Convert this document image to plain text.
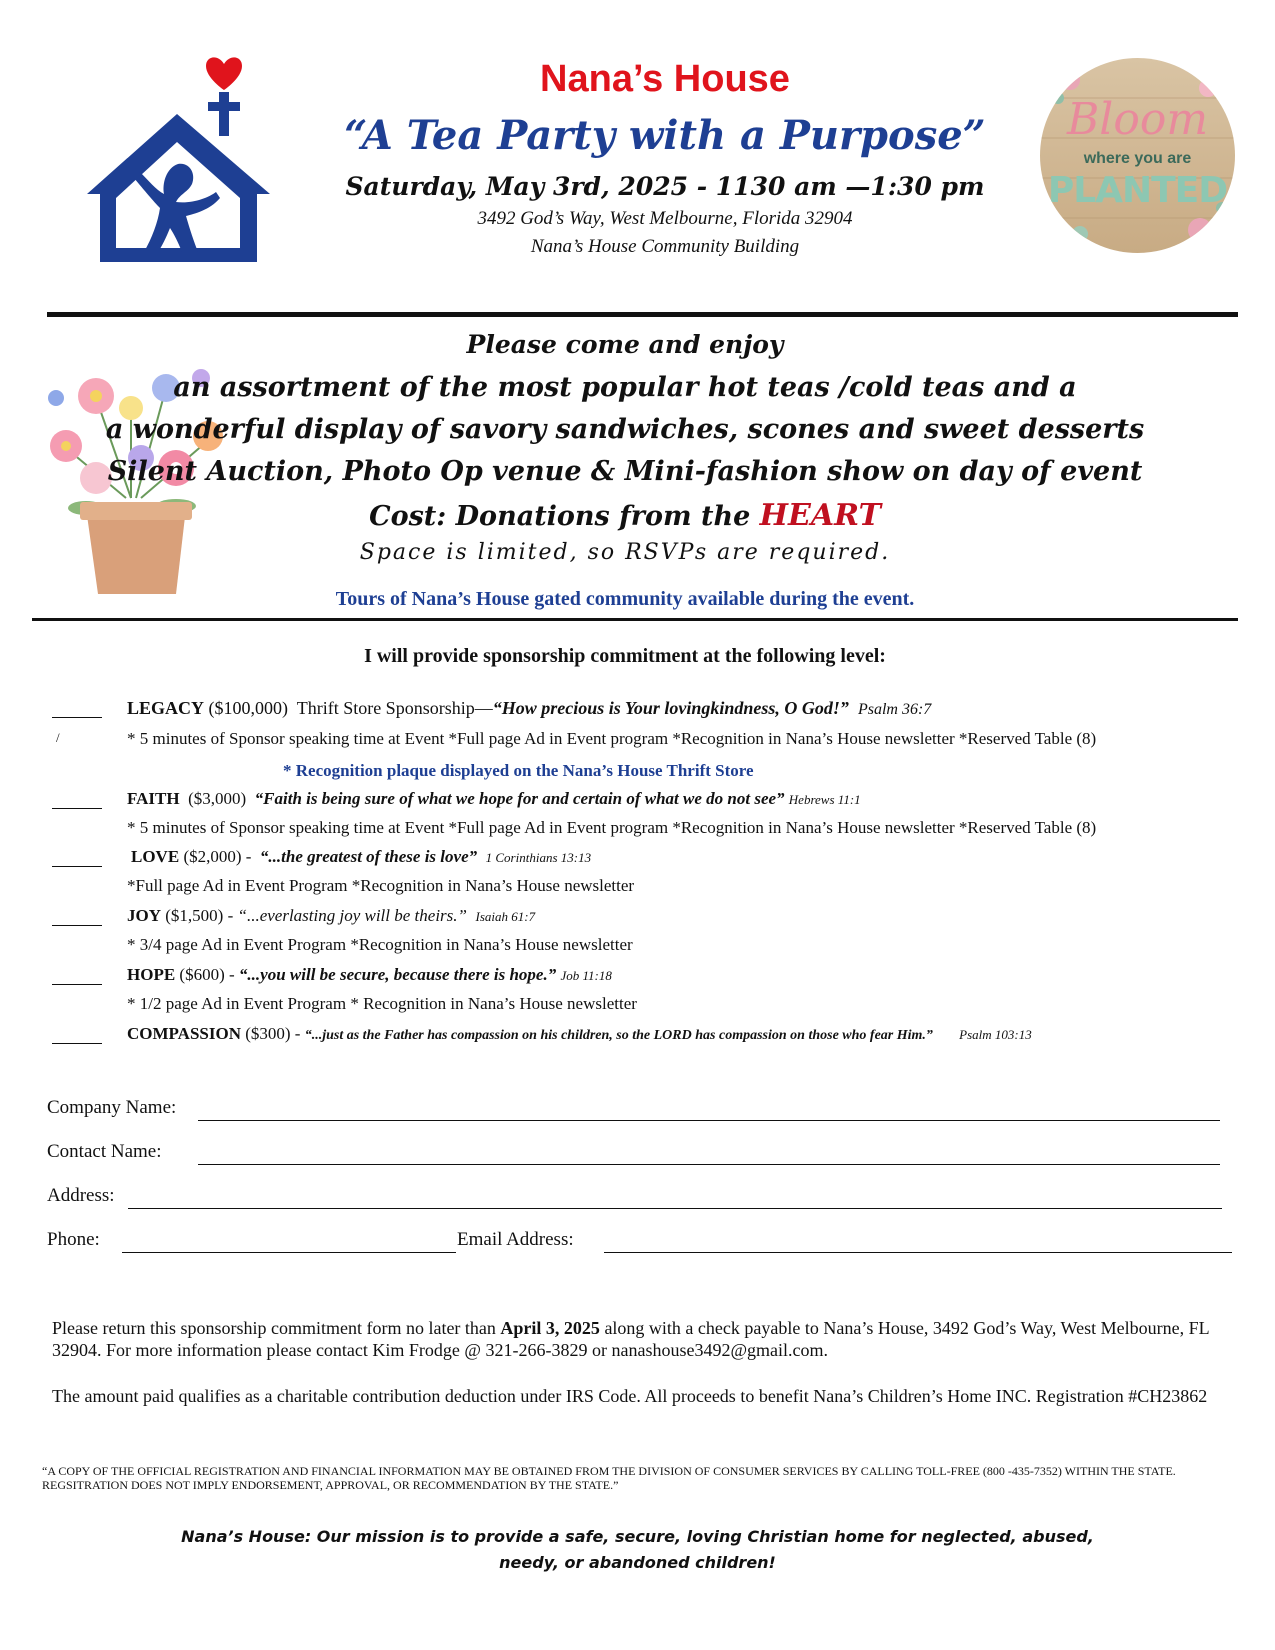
Nana’s House
“A Tea Party with a Purpose”
Saturday, May 3rd, 2025 - 1130 am —1:30 pm
3492 God’s Way, West Melbourne, Florida 32904
Nana’s House Community Building
Bloom
where you are
PLANTED
Please come and enjoy
an assortment of the most popular hot teas /cold teas and a
a wonderful display of savory sandwiches, scones and sweet desserts
Silent Auction, Photo Op venue & Mini-fashion show on day of event
Cost: Donations from the HEART
Space is limited, so RSVPs are required.
Tours of Nana’s House gated community available during the event.
I will provide sponsorship commitment at the following level:
LEGACY ($100,000) Thrift Store Sponsorship—“How precious is Your lovingkindness, O God!” Psalm 36:7
/	* 5 minutes of Sponsor speaking time at Event *Full page Ad in Event program *Recognition in Nana’s House newsletter *Reserved Table (8)
* Recognition plaque displayed on the Nana’s House Thrift Store
FAITH ($3,000) “Faith is being sure of what we hope for and certain of what we do not see” Hebrews 11:1
* 5 minutes of Sponsor speaking time at Event *Full page Ad in Event program *Recognition in Nana’s House newsletter *Reserved Table (8)
LOVE ($2,000) - “...the greatest of these is love” 1 Corinthians 13:13
*Full page Ad in Event Program *Recognition in Nana’s House newsletter
JOY ($1,500) - “...everlasting joy will be theirs.” Isaiah 61:7
* 3/4 page Ad in Event Program *Recognition in Nana’s House newsletter
HOPE ($600) - “...you will be secure, because there is hope.” Job 11:18
* 1/2 page Ad in Event Program * Recognition in Nana’s House newsletter
COMPASSION ($300) - “...just as the Father has compassion on his children, so the LORD has compassion on those who fear Him.” Psalm 103:13
Company Name:
Contact Name:
Address:
Phone:	Email Address:
Please return this sponsorship commitment form no later than April 3, 2025 along with a check payable to Nana’s House, 3492 God’s Way, West Melbourne, FL 32904. For more information please contact Kim Frodge @ 321-266-3829 or nanashouse3492@gmail.com.
The amount paid qualifies as a charitable contribution deduction under IRS Code. All proceeds to benefit Nana’s Children’s Home INC. Registration #CH23862
“A COPY OF THE OFFICIAL REGISTRATION AND FINANCIAL INFORMATION MAY BE OBTAINED FROM THE DIVISION OF CONSUMER SERVICES BY CALLING TOLL-FREE (800 -435-7352) WITHIN THE STATE. REGSITRATION DOES NOT IMPLY ENDORSEMENT, APPROVAL, OR RECOMMENDATION BY THE STATE.”
Nana’s House: Our mission is to provide a safe, secure, loving Christian home for neglected, abused,
needy, or abandoned children!
